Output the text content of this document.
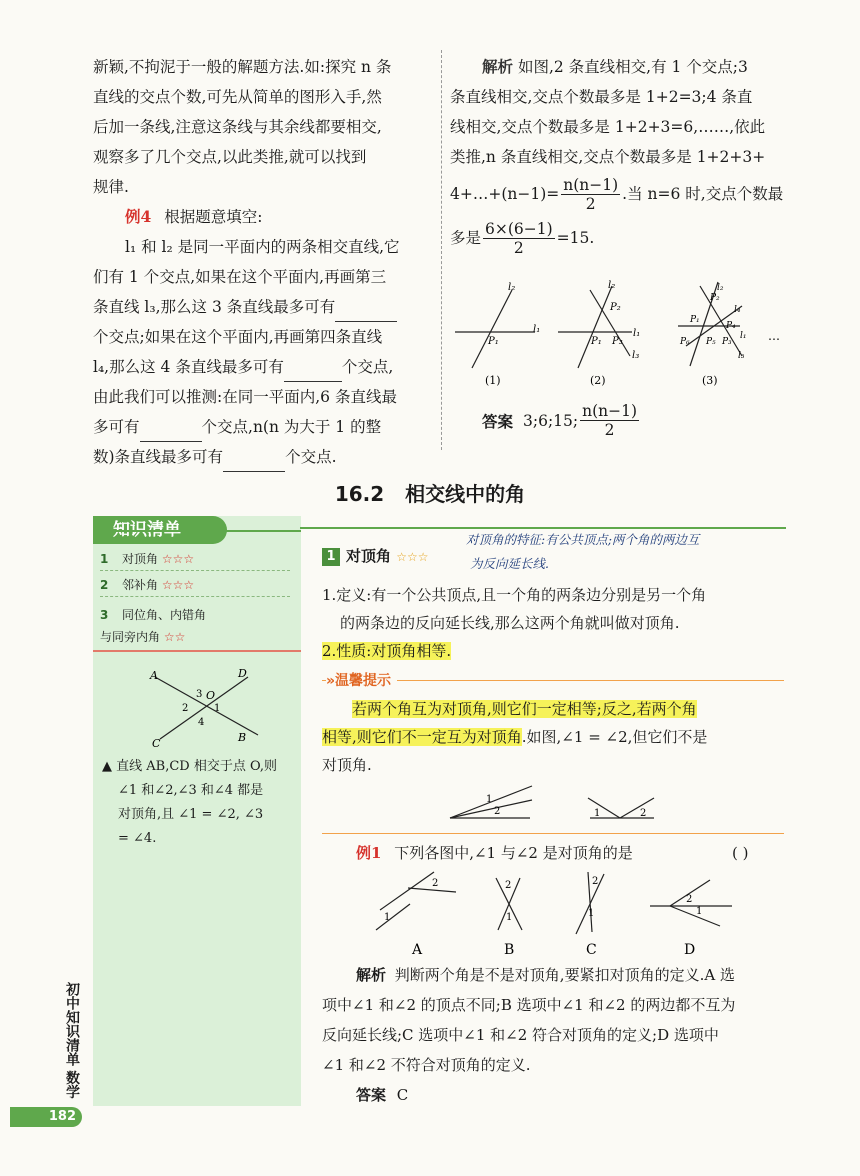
新颖,不拘泥于一般的解题方法.如:探究 n 条
直线的交点个数,可先从简单的图形入手,然
后加一条线,注意这条线与其余线都要相交,
观察多了几个交点,以此类推,就可以找到
规律.
例4 根据题意填空:
l₁ 和 l₂ 是同一平面内的两条相交直线,它
们有 1 个交点,如果在这个平面内,再画第三
条直线 l₃,那么这 3 条直线最多可有
个交点;如果在这个平面内,再画第四条直线
l₄,那么这 4 条直线最多可有	个交点,
由此我们可以推测:在同一平面内,6 条直线最
多可有	个交点,n(n 为大于 1 的整
数)条直线最多可有	个交点.
解析 如图,2 条直线相交,有 1 个交点;3
条直线相交,交点个数最多是 1+2=3;4 条直
线相交,交点个数最多是 1+2+3=6,……,依此
类推,n 条直线相交,交点个数最多是 1+2+3+
4+…+(n−1)= $\frac{n(n-1)}{2}$ .当 n=6 时,交点个数最
多是 $\frac{6\times(6-1)}{2} =15$.
l₁
l₂
P₁
l₁
l₂
l₃
P₂
P₁ P₃
l₂
P₂
l₄
P₁
P₄
l₁
P₆ P₅ P₃
l₃
…
(1)	(2)	(3)
答案 3;6;15; $\frac{n(n-1)}{2}$
16.2 相交线中的角
知识清单
1 对顶角 ☆☆☆
2 邻补角 ☆☆☆
3 同位角、内错角与同旁内角 ☆☆
A	D
C	B
O
3
2	1
4
▲ 直线 AB,CD 相交于点 O,则
∠1 和∠2,∠3 和∠4 都是
对顶角,且 ∠1 = ∠2, ∠3
= ∠4.
初中知识清单 数学
182
1 对顶角 ☆☆☆
对顶角的特征:有公共顶点;两个角的两边互
为反向延长线.
1.定义:有一个公共顶点,且一个角的两条边分别是另一个角
的两条边的反向延长线,那么这两个角就叫做对顶角.
2.性质:对顶角相等.
»温馨提示
若两个角互为对顶角,则它们一定相等;反之,若两个角
相等,则它们不一定互为对顶角.如图,∠1 = ∠2,但它们不是
对顶角.
1
2	1	2
例1 下列各图中,∠1 与∠2 是对顶角的是	( )
1
2	2
1
2
1
2
1
A	B	C	D
解析 判断两个角是不是对顶角,要紧扣对顶角的定义.A 选
项中∠1 和∠2 的顶点不同;B 选项中∠1 和∠2 的两边都不互为
反向延长线;C 选项中∠1 和∠2 符合对顶角的定义;D 选项中
∠1 和∠2 不符合对顶角的定义.
答案 C
